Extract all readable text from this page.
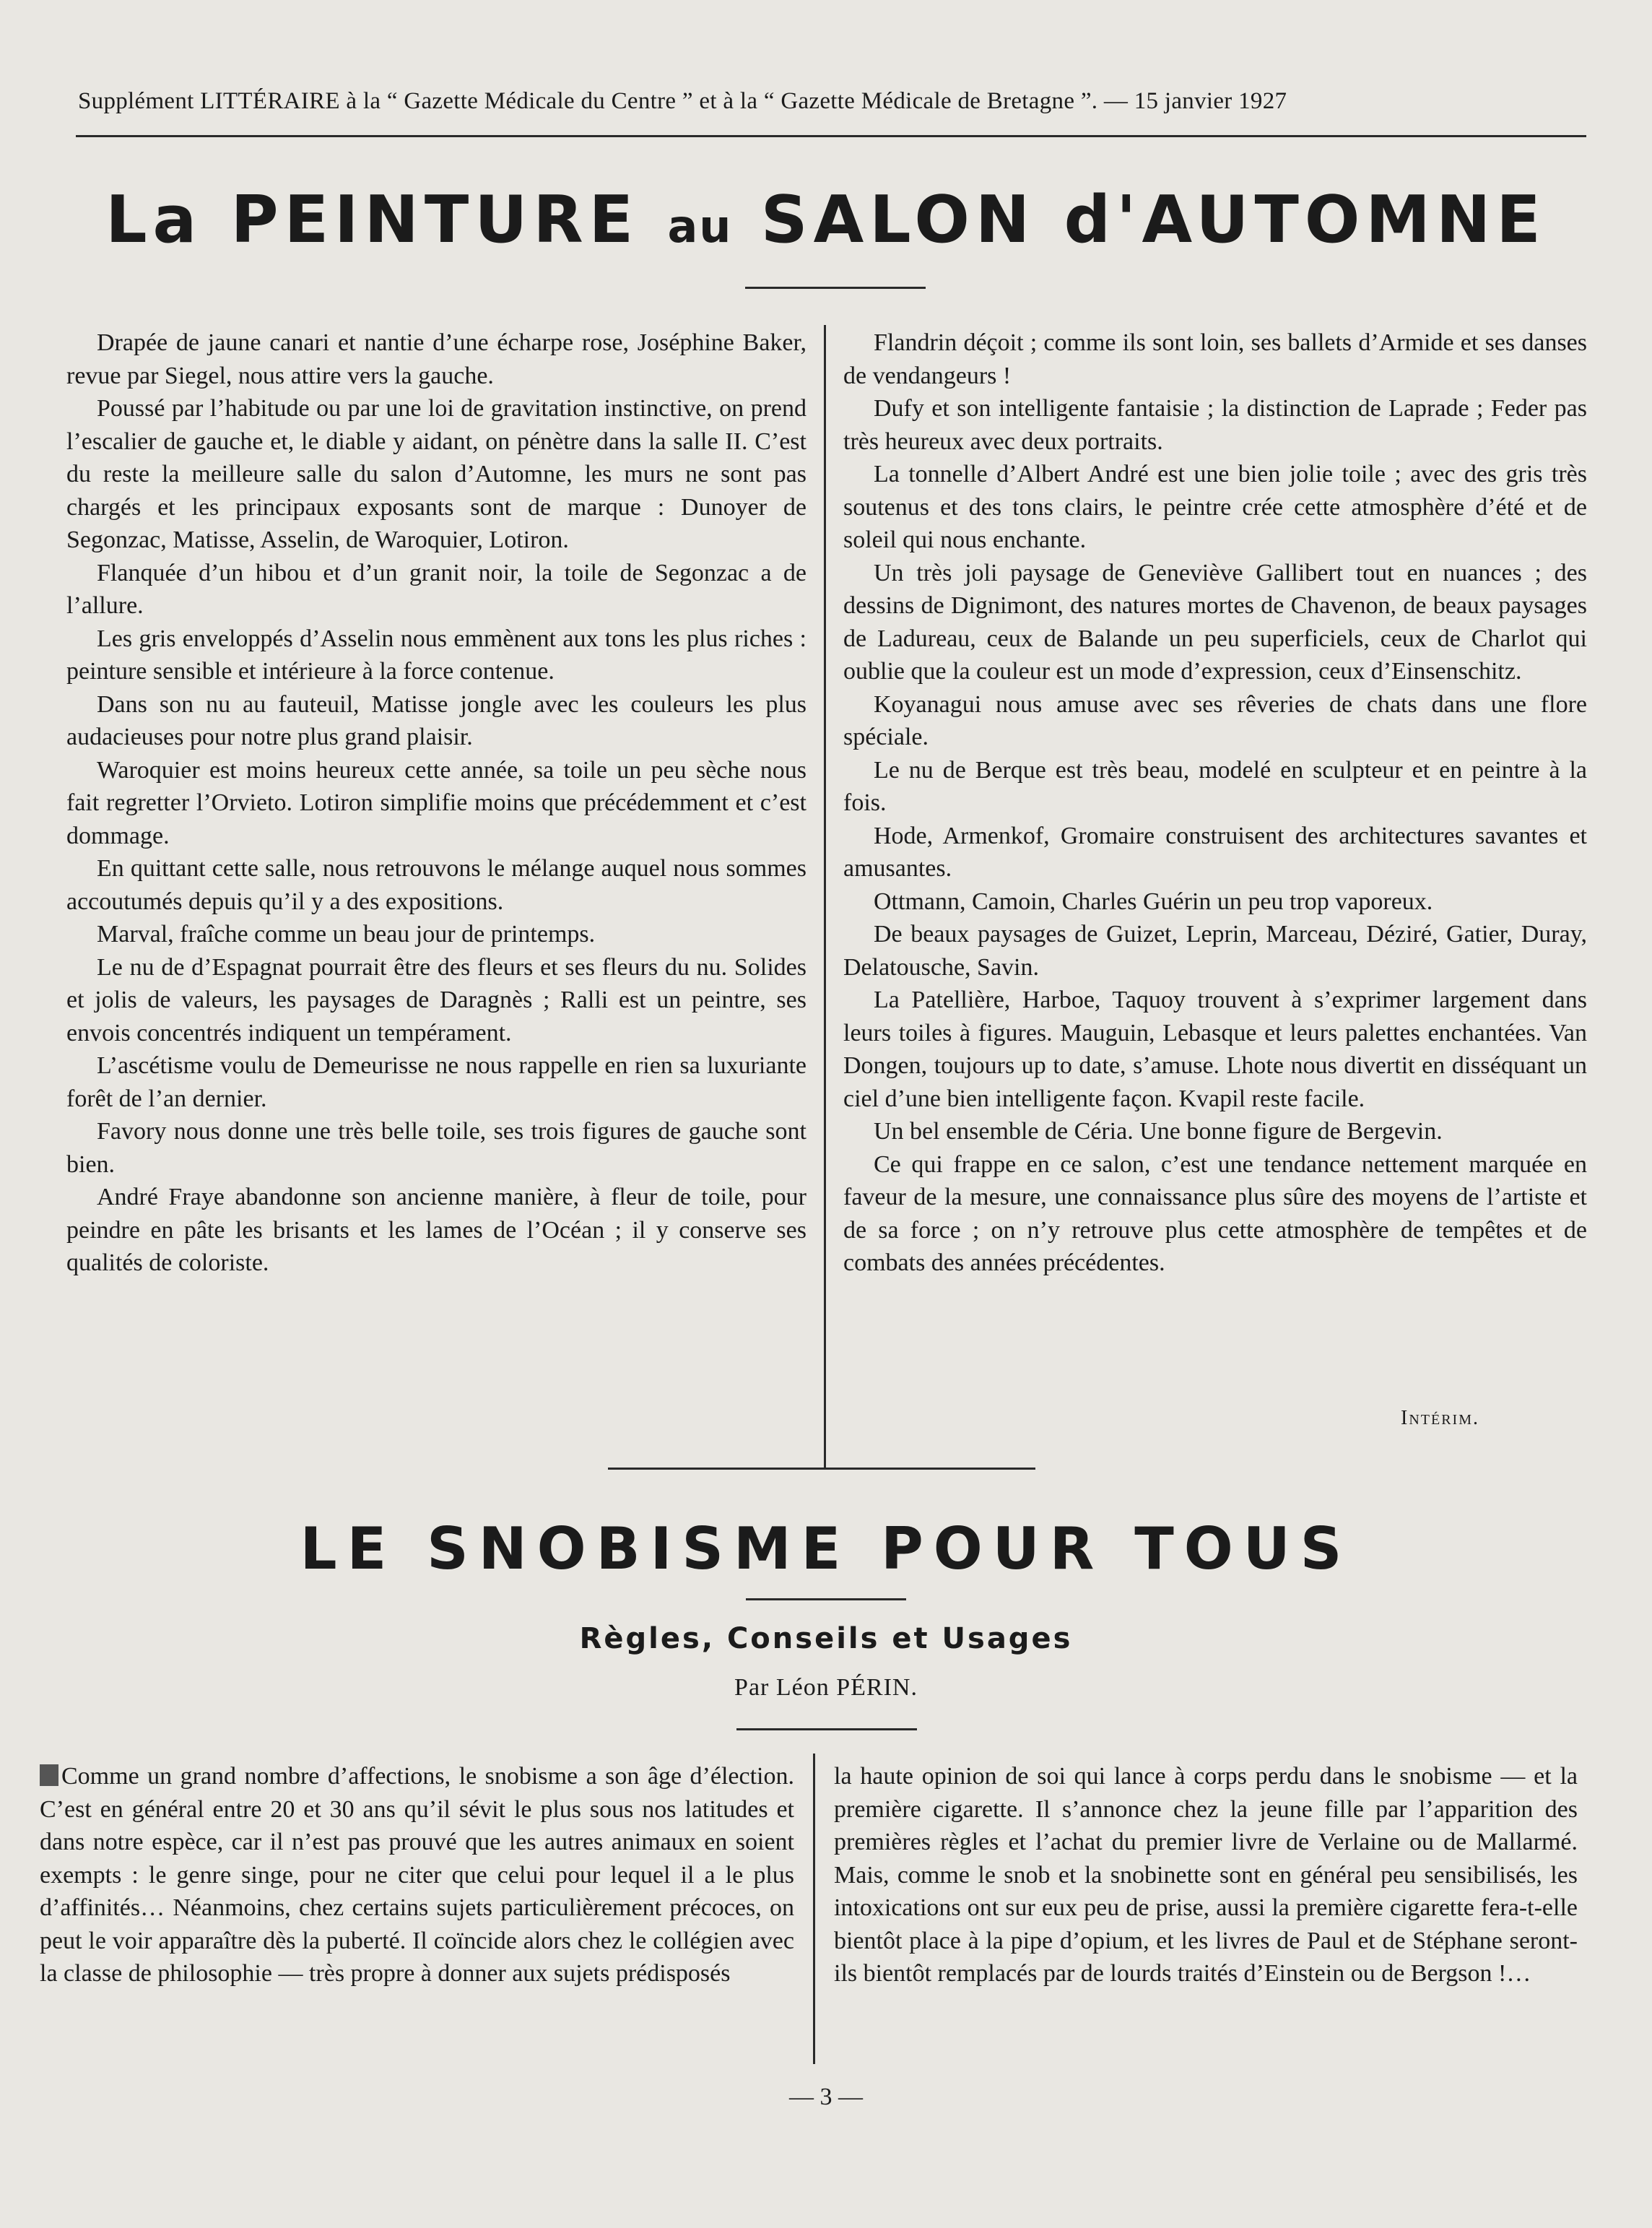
Supplément LITTÉRAIRE à la “ Gazette Médicale du Centre ” et à la “ Gazette Médicale de Bretagne ”. — 15 janvier 1927
La PEINTURE au SALON d'AUTOMNE

Drapée de jaune canari et nantie d’une écharpe rose, Joséphine Baker, revue par Siegel, nous attire vers la gauche.

Poussé par l’habitude ou par une loi de gravitation instinctive, on prend l’escalier de gauche et, le diable y aidant, on pénètre dans la salle II. C’est du reste la meilleure salle du salon d’Automne, les murs ne sont pas chargés et les principaux exposants sont de marque : Dunoyer de Segonzac, Matisse, Asselin, de Waroquier, Lotiron.

Flanquée d’un hibou et d’un granit noir, la toile de Segonzac a de l’allure.

Les gris enveloppés d’Asselin nous emmènent aux tons les plus riches : peinture sensible et intérieure à la force contenue.

Dans son nu au fauteuil, Matisse jongle avec les couleurs les plus audacieuses pour notre plus grand plaisir.

Waroquier est moins heureux cette année, sa toile un peu sèche nous fait regretter l’Orvieto. Lotiron simplifie moins que précédemment et c’est dommage.

En quittant cette salle, nous retrouvons le mélange auquel nous sommes accoutumés depuis qu’il y a des expositions.

Marval, fraîche comme un beau jour de printemps.

Le nu de d’Espagnat pourrait être des fleurs et ses fleurs du nu. Solides et jolis de valeurs, les paysages de Daragnès ; Ralli est un peintre, ses envois concentrés indiquent un tempérament.

L’ascétisme voulu de Demeurisse ne nous rappelle en rien sa luxuriante forêt de l’an dernier.

Favory nous donne une très belle toile, ses trois figures de gauche sont bien.

André Fraye abandonne son ancienne manière, à fleur de toile, pour peindre en pâte les brisants et les lames de l’Océan ; il y conserve ses qualités de coloriste.

Flandrin déçoit ; comme ils sont loin, ses ballets d’Armide et ses danses de vendangeurs !

Dufy et son intelligente fantaisie ; la distinction de Laprade ; Feder pas très heureux avec deux portraits.

La tonnelle d’Albert André est une bien jolie toile ; avec des gris très soutenus et des tons clairs, le peintre crée cette atmosphère d’été et de soleil qui nous enchante.

Un très joli paysage de Geneviève Gallibert tout en nuances ; des dessins de Dignimont, des natures mortes de Chavenon, de beaux paysages de Ladureau, ceux de Balande un peu superficiels, ceux de Charlot qui oublie que la couleur est un mode d’expression, ceux d’Einsenschitz.

Koyanagui nous amuse avec ses rêveries de chats dans une flore spéciale.

Le nu de Berque est très beau, modelé en sculpteur et en peintre à la fois.

Hode, Armenkof, Gromaire construisent des architectures savantes et amusantes.

Ottmann, Camoin, Charles Guérin un peu trop vaporeux.

De beaux paysages de Guizet, Leprin, Marceau, Déziré, Gatier, Duray, Delatousche, Savin.

La Patellière, Harboe, Taquoy trouvent à s’exprimer largement dans leurs toiles à figures. Mauguin, Lebasque et leurs palettes enchantées. Van Dongen, toujours up to date, s’amuse. Lhote nous divertit en disséquant un ciel d’une bien intelligente façon. Kvapil reste facile.

Un bel ensemble de Céria. Une bonne figure de Bergevin.

Ce qui frappe en ce salon, c’est une tendance nettement marquée en faveur de la mesure, une connaissance plus sûre des moyens de l’artiste et de sa force ; on n’y retrouve plus cette atmosphère de tempêtes et de combats des années précédentes.

Intérim.
LE SNOBISME POUR TOUS
Règles, Conseils et Usages
Par Léon PÉRIN.

Comme un grand nombre d’affections, le snobisme a son âge d’élection. C’est en général entre 20 et 30 ans qu’il sévit le plus sous nos latitudes et dans notre espèce, car il n’est pas prouvé que les autres animaux en soient exempts : le genre singe, pour ne citer que celui pour lequel il a le plus d’affinités… Néanmoins, chez certains sujets particulièrement précoces, on peut le voir apparaître dès la puberté. Il coïncide alors chez le collégien avec la classe de philosophie — très propre à donner aux sujets prédisposés

la haute opinion de soi qui lance à corps perdu dans le snobisme — et la première cigarette. Il s’annonce chez la jeune fille par l’apparition des premières règles et l’achat du premier livre de Verlaine ou de Mallarmé. Mais, comme le snob et la snobinette sont en général peu sensibilisés, les intoxications ont sur eux peu de prise, aussi la première cigarette fera-t-elle bientôt place à la pipe d’opium, et les livres de Paul et de Stéphane seront-ils bientôt remplacés par de lourds traités d’Einstein ou de Bergson !…

— 3 —
